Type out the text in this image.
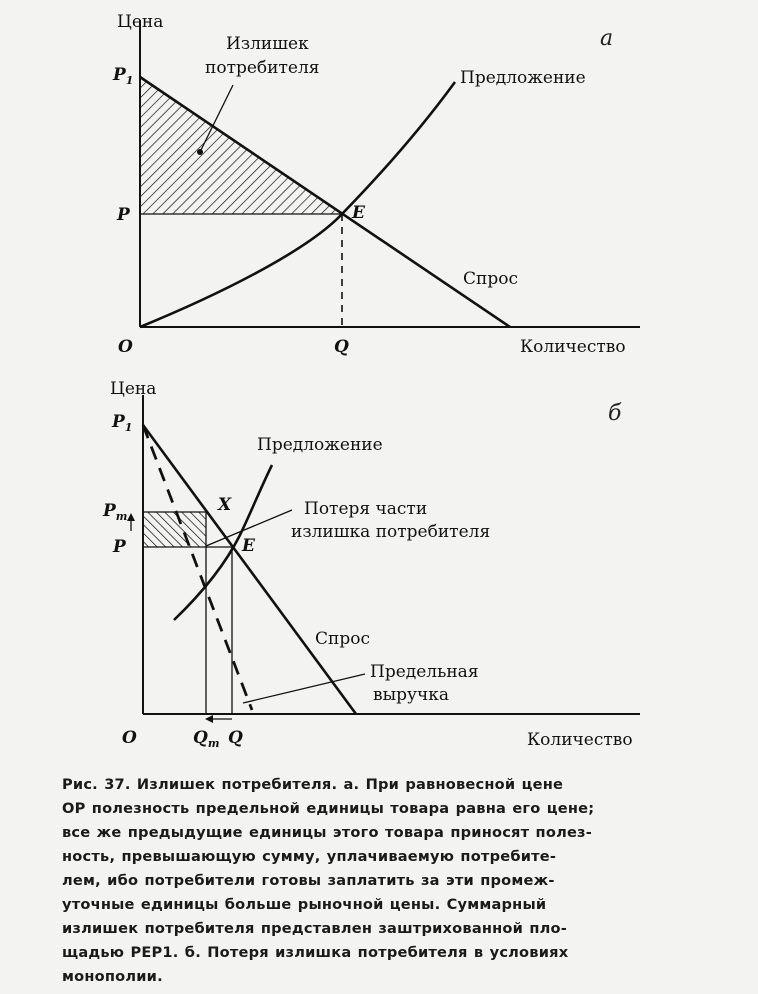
a
Цена
$P_1$
P	E
O	Q	Количество
Излишек
потребителя	Предложение
Спрос
б
Цена
$P_1$
$P_m$
P
X
E
O	$Q_m$ Q	Количество
Предложение
Потеря части
излишка потребителя
Спрос
Предельная
выручка
Рис. 37. Излишек потребителя. а. При равновесной цене
OP полезность предельной единицы товара равна его цене;
все же предыдущие единицы этого товара приносят полез-
ность, превышающую сумму, уплачиваемую потребите-
лем, ибо потребители готовы заплатить за эти промеж-
уточные единицы больше рыночной цены. Суммарный
излишек потребителя представлен заштрихованной пло-
щадью PEP1. б. Потеря излишка потребителя в условиях
монополии.
